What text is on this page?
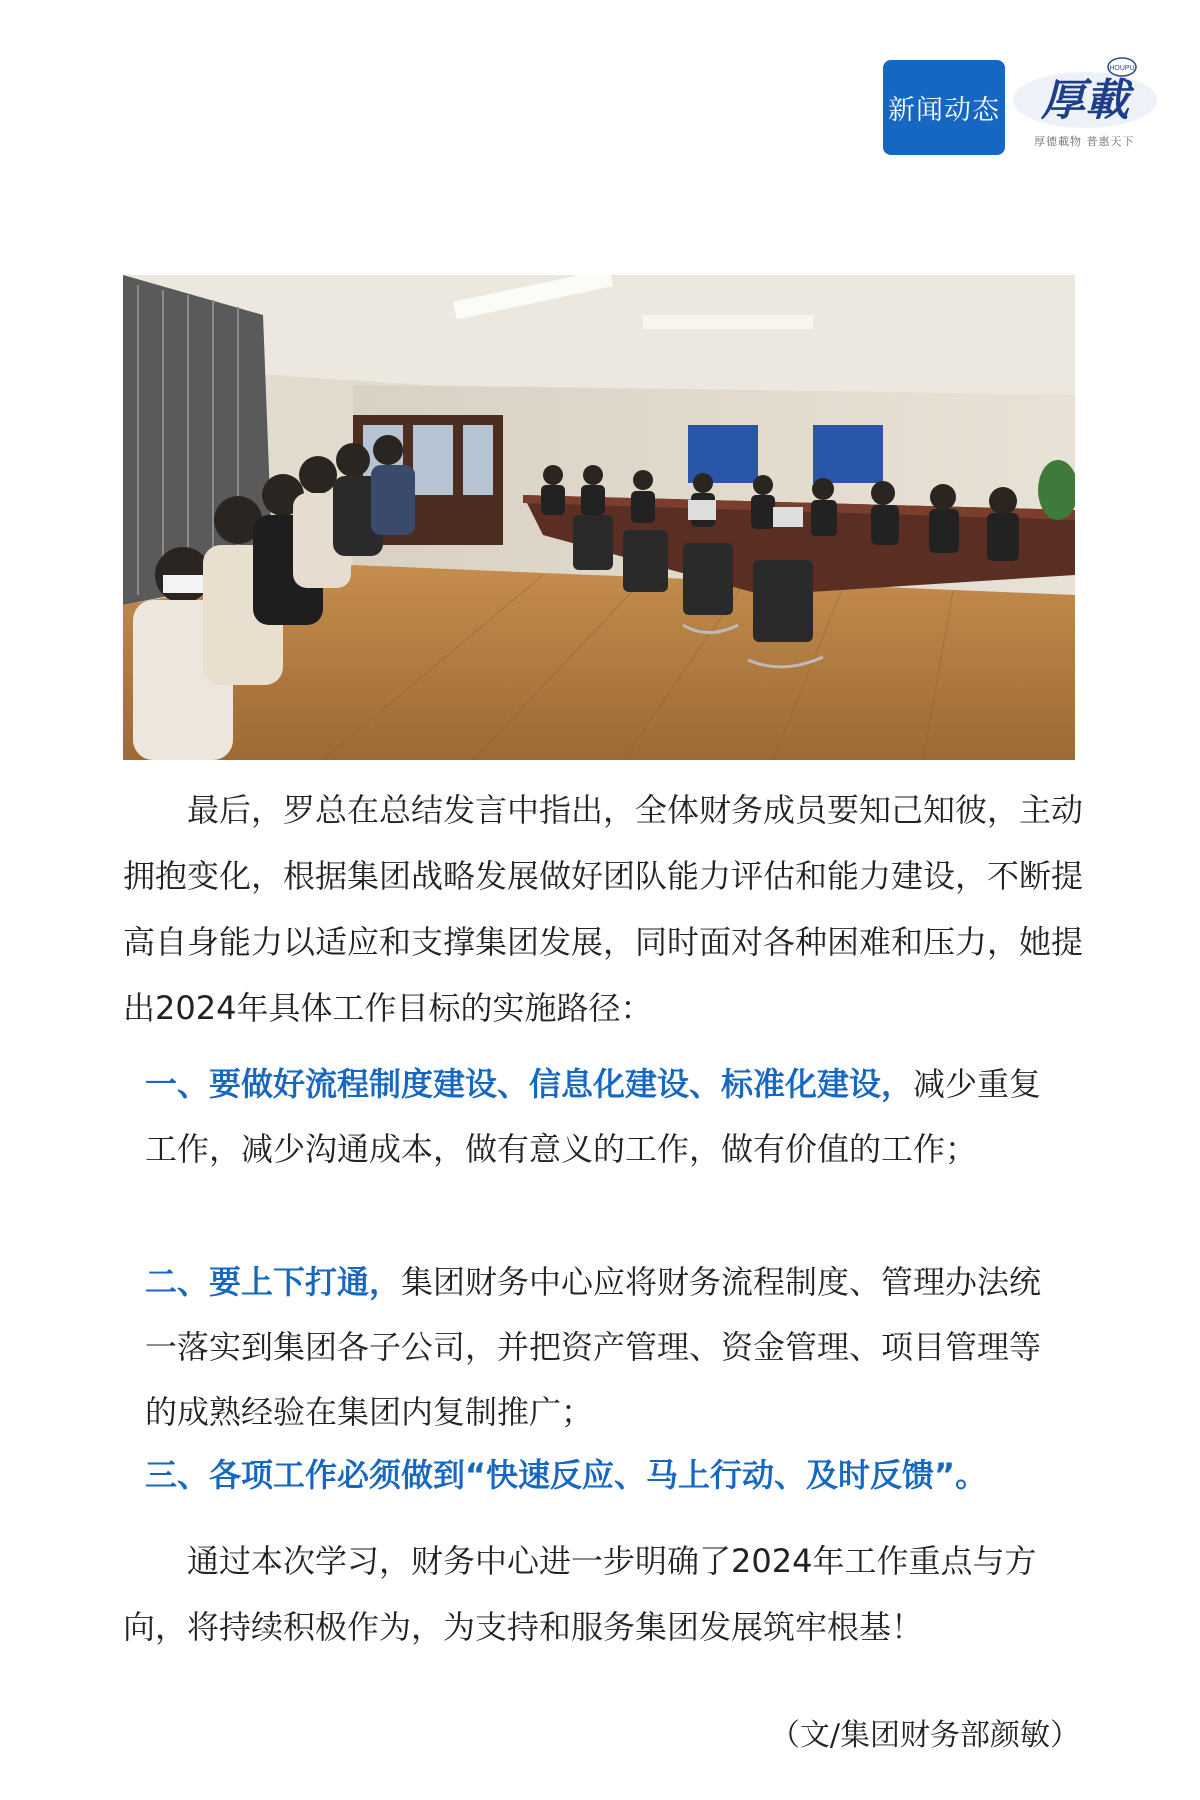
新闻动态
HOUPU
厚載
厚德載物 普惠天下
最后，罗总在总结发言中指出，全体财务成员要知己知彼，主动拥抱变化，根据集团战略发展做好团队能力评估和能力建设，不断提高自身能力以适应和支撑集团发展，同时面对各种困难和压力，她提出2024年具体工作目标的实施路径：
一、要做好流程制度建设、信息化建设、标准化建设，减少重复工作，减少沟通成本，做有意义的工作，做有价值的工作；
二、要上下打通，集团财务中心应将财务流程制度、管理办法统一落实到集团各子公司，并把资产管理、资金管理、项目管理等的成熟经验在集团内复制推广；
三、各项工作必须做到“快速反应、马上行动、及时反馈”。
通过本次学习，财务中心进一步明确了2024年工作重点与方向，将持续积极作为，为支持和服务集团发展筑牢根基！
（文/集团财务部颜敏）
